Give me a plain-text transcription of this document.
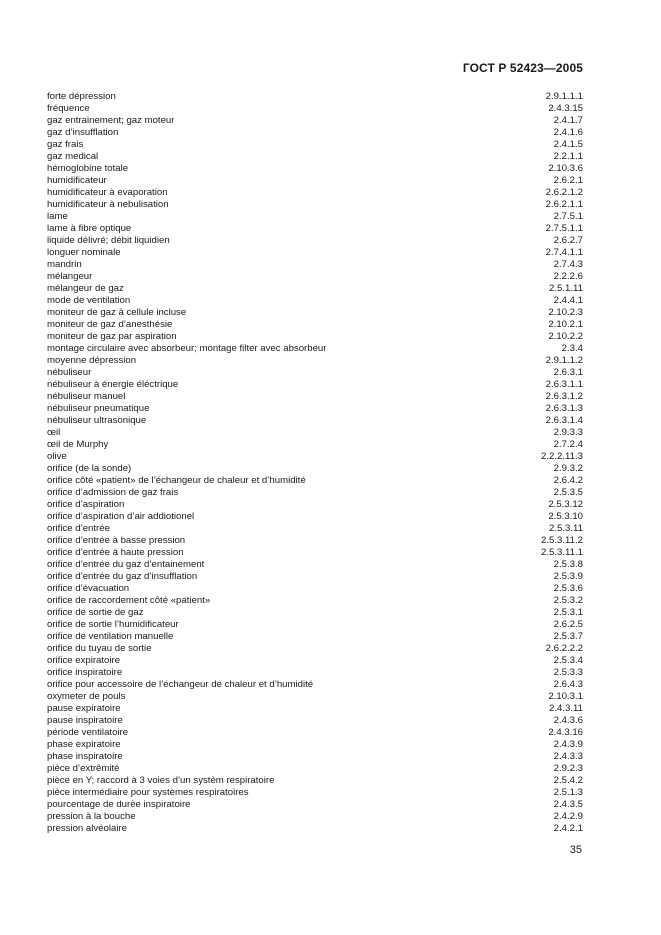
ГОСТ Р 52423—2005
forte dépression	2.9.1.1.1
fréquence	2.4.3.15
gaz entrainement; gaz moteur	2.4.1.7
gaz d’insufflation	2.4.1.6
gaz frais	2.4.1.5
gaz medical	2.2.1.1
hémoglobine totale	2.10.3.6
humidificateur	2.6.2.1
humidificateur à evaporation	2.6.2.1.2
humidificateur à nebulisation	2.6.2.1.1
lame	2.7.5.1
lame à fibre optique	2.7.5.1.1
liquide délivré; débit liquidien	2.6.2.7
longuer nominale	2.7.4.1.1
mandrin	2.7.4.3
mélangeur	2.2.2.6
mélangeur de gaz	2.5.1.11
mode de ventilation	2.4.4.1
moniteur de gaz à cellule incluse	2.10.2.3
moniteur de gaz d’anesthésie	2.10.2.1
moniteur de gaz par aspiration	2.10.2.2
montage circulaire avec absorbeur; montage filter avec absorbeur	2.3.4
moyenne dépression	2.9.1.1.2
nébuliseur	2.6.3.1
nébuliseur à énergie éléctrique	2.6.3.1.1
nébuliseur manuel	2.6.3.1.2
nébuliseur pneumatique	2.6.3.1.3
nébuliseur ultrasonique	2.6.3.1.4
œil	2.9.3.3
œil de Murphy	2.7.2.4
olive	2.2.2.11.3
orifice (de la sonde)	2.9.3.2
orifice côté «patient» de l’échangeur de chaleur et d’humidité	2.6.4.2
orifice d’admission de gaz frais	2.5.3.5
orifice d’aspiration	2.5.3.12
orifice d’aspiration d’air addiotionel	2.5.3.10
orifice d’entrée	2.5.3.11
orifice d’entrée à basse pression	2.5.3.11.2
orifice d’entrée à haute pression	2.5.3.11.1
orifice d’entrée du gaz d’entainement	2.5.3.8
orifice d’entrée du gaz d’insufflation	2.5.3.9
orifice d’évacuation	2.5.3.6
orifice de raccordement côté «patient»	2.5.3.2
orifice de sortie de gaz	2.5.3.1
orifice de sortie l’humidificateur	2.6.2.5
orifice de ventilation manuelle	2.5.3.7
orifice du tuyau de sortie	2.6.2.2.2
orifice expiratoire	2.5.3.4
orifice inspiratoire	2.5.3.3
orifice pour accessoire de l’échangeur de chaleur et d’humidité	2.6.4.3
oxymeter de pouls	2.10.3.1
pause expiratoire	2.4.3.11
pause inspiratoire	2.4.3.6
période ventilatoire	2.4.3.16
phase expiratoire	2.4.3.9
phase inspiratoire	2.4.3.3
pièce d’extrêmité	2.9.2.3
pièce en Y; raccord à 3 voies d’un systèm respiratoire	2.5.4.2
pièce intermédiaire pour systèmes respiratoires	2.5.1.3
pourcentage de durèe inspiratoire	2.4.3.5
pression à la bouche	2.4.2.9
pression alvéolaire	2.4.2.1
35
